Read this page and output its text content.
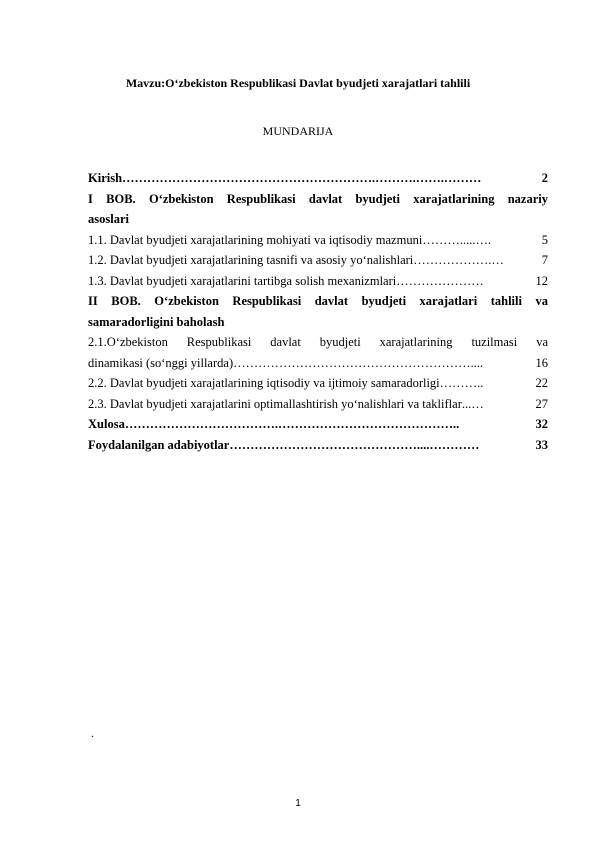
Mavzu:O‘zbekiston Respublikasi Davlat byudjeti xarajatlari tahlili
MUNDARIJA
Kirish …………………………………………………….……….…….………	2
I BOB. O‘zbekiston Respublikasi davlat byudjeti xarajatlarining nazariy
asoslari
1.1. Davlat byudjeti xarajatlarining mohiyati va iqtisodiy mazmuni ……….....….	5
1.2. Davlat byudjeti xarajatlarining tasnifi va asosiy yo‘nalishlari ……………….…	7
1.3. Davlat byudjeti xarajatlarini tartibga solish mexanizmlari …………………	12
II BOB. O‘zbekiston Respublikasi davlat byudjeti xarajatlari tahlili va
samaradorligini baholash
2.1.O‘zbekiston Respublikasi davlat byudjeti xarajatlarining tuzilmasi va
dinamikasi (so‘nggi yillarda) …………………………………………………....	16
2.2. Davlat byudjeti xarajatlarining iqtisodiy va ijtimoiy samaradorligi ………..	22
2.3. Davlat byudjeti xarajatlarini optimallashtirish yo‘nalishlari va takliflar ...…	27
Xulosa ……………………………….……………………………………..	32
Foydalanilgan adabiyotlar ………………………………………....…………	33
.
1
